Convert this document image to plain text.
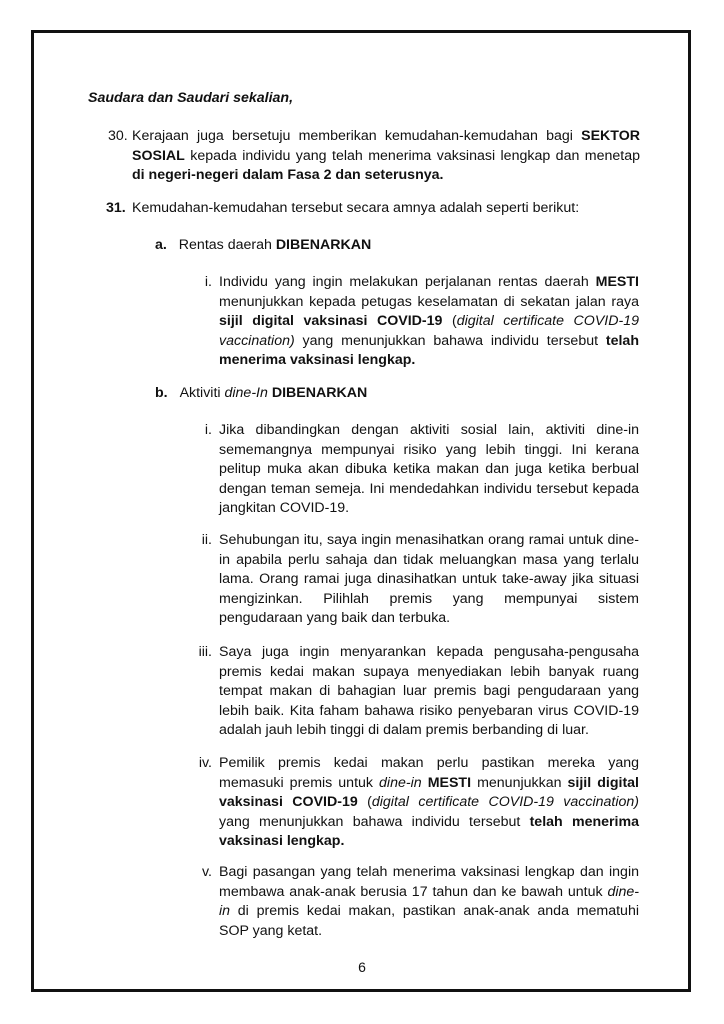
Saudara dan Saudari sekalian,
30. Kerajaan juga bersetuju memberikan kemudahan-kemudahan bagi SEKTOR SOSIAL kepada individu yang telah menerima vaksinasi lengkap dan menetap di negeri-negeri dalam Fasa 2 dan seterusnya.
31. Kemudahan-kemudahan tersebut secara amnya adalah seperti berikut:
a. Rentas daerah DIBENARKAN
i. Individu yang ingin melakukan perjalanan rentas daerah MESTI menunjukkan kepada petugas keselamatan di sekatan jalan raya sijil digital vaksinasi COVID-19 (digital certificate COVID-19 vaccination) yang menunjukkan bahawa individu tersebut telah menerima vaksinasi lengkap.
b. Aktiviti dine-In DIBENARKAN
i. Jika dibandingkan dengan aktiviti sosial lain, aktiviti dine-in sememangnya mempunyai risiko yang lebih tinggi. Ini kerana pelitup muka akan dibuka ketika makan dan juga ketika berbual dengan teman semeja. Ini mendedahkan individu tersebut kepada jangkitan COVID-19.
ii. Sehubungan itu, saya ingin menasihatkan orang ramai untuk dine-in apabila perlu sahaja dan tidak meluangkan masa yang terlalu lama. Orang ramai juga dinasihatkan untuk take-away jika situasi mengizinkan. Pilihlah premis yang mempunyai sistem pengudaraan yang baik dan terbuka.
iii. Saya juga ingin menyarankan kepada pengusaha-pengusaha premis kedai makan supaya menyediakan lebih banyak ruang tempat makan di bahagian luar premis bagi pengudaraan yang lebih baik. Kita faham bahawa risiko penyebaran virus COVID-19 adalah jauh lebih tinggi di dalam premis berbanding di luar.
iv. Pemilik premis kedai makan perlu pastikan mereka yang memasuki premis untuk dine-in MESTI menunjukkan sijil digital vaksinasi COVID-19 (digital certificate COVID-19 vaccination) yang menunjukkan bahawa individu tersebut telah menerima vaksinasi lengkap.
v. Bagi pasangan yang telah menerima vaksinasi lengkap dan ingin membawa anak-anak berusia 17 tahun dan ke bawah untuk dine-in di premis kedai makan, pastikan anak-anak anda mematuhi SOP yang ketat.
6
